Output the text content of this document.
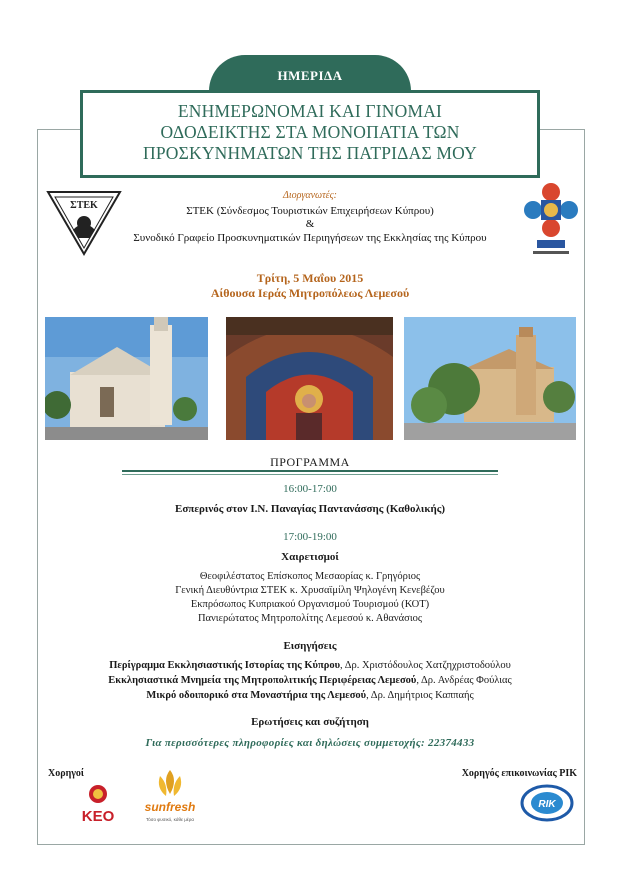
ΗΜΕΡΙΔΑ
ΕΝΗΜΕΡΩΝΟΜΑΙ ΚΑΙ ΓΙΝΟΜΑΙ
ΟΔΟΔΕΙΚΤΗΣ ΣΤΑ ΜΟΝΟΠΑΤΙΑ ΤΩΝ
ΠΡΟΣΚΥΝΗΜΑΤΩΝ ΤΗΣ ΠΑΤΡΙΔΑΣ ΜΟΥ
ΣΤΕΚ
Διοργανωτές:
ΣΤΕΚ (Σύνδεσμος Τουριστικών Επιχειρήσεων Κύπρου)
&
Συνοδικό Γραφείο Προσκυνηματικών Περιηγήσεων της Εκκλησίας της Κύπρου
Τρίτη, 5 Μαΐου 2015
Αίθουσα Ιεράς Μητροπόλεως Λεμεσού
ΠΡΟΓΡΑΜΜΑ
16:00-17:00
Εσπερινός στον Ι.Ν. Παναγίας Παντανάσσης (Καθολικής)
17:00-19:00
Χαιρετισμοί
Θεοφιλέστατος Επίσκοπος Μεσαορίας κ. Γρηγόριος
Γενική Διευθύντρια ΣΤΕΚ κ. Χρυσαϊμίλη Ψηλογένη Κενεβέζου
Εκπρόσωπος Κυπριακού Οργανισμού Τουρισμού (ΚΟΤ)
Πανιερώτατος Μητροπολίτης Λεμεσού κ. Αθανάσιος
Εισηγήσεις
Περίγραμμα Εκκλησιαστικής Ιστορίας της Κύπρου, Δρ. Χριστόδουλος Χατζηχριστοδούλου
Εκκλησιαστικά Μνημεία της Μητροπολιτικής Περιφέρειας Λεμεσού, Δρ. Ανδρέας Φούλιας
Μικρό οδοιπορικό στα Μοναστήρια της Λεμεσού, Δρ. Δημήτριος Καππαής
Ερωτήσεις και συζήτηση
Για περισσότερες πληροφορίες και δηλώσεις συμμετοχής: 22374433
Χορηγοί	Χορηγός επικοινωνίας ΡΙΚ
KEO
sunfresh
Τόσο φυσικό, κάθε μέρα
RIK
